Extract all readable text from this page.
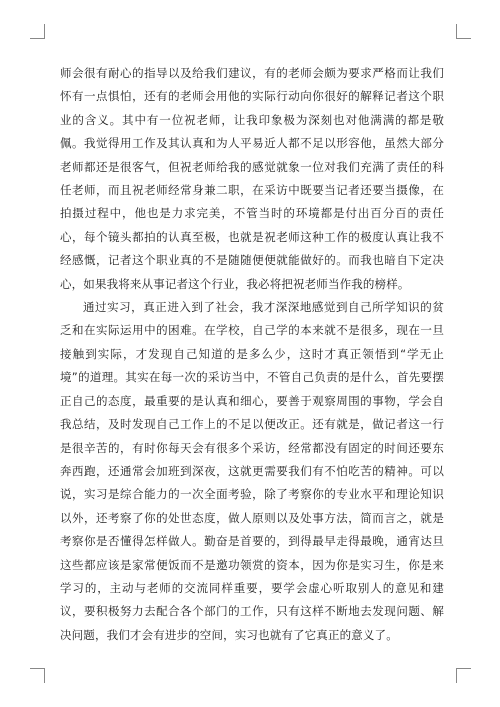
师会很有耐心的指导以及给我们建议，有的老师会颇为要求严格而让我们怀有一点惧怕，还有的老师会用他的实际行动向你很好的解释记者这个职业的含义。其中有一位祝老师，让我印象极为深刻也对他满满的都是敬佩。我觉得用工作及其认真和为人平易近人都不足以形容他，虽然大部分老师都还是很客气，但祝老师给我的感觉就象一位对我们充满了责任的科任老师，而且祝老师经常身兼二职，在采访中既要当记者还要当摄像，在拍摄过程中，他也是力求完美，不管当时的环境都是付出百分百的责任心，每个镜头都拍的认真至极，也就是祝老师这种工作的极度认真让我不经感慨，记者这个职业真的不是随随便便就能做好的。而我也暗自下定决心，如果我将来从事记者这个行业，我必将把祝老师当作我的榜样。

通过实习，真正进入到了社会，我才深深地感觉到自己所学知识的贫乏和在实际运用中的困难。在学校，自己学的本来就不是很多，现在一旦接触到实际，才发现自己知道的是多么少，这时才真正领悟到“学无止境”的道理。其实在每一次的采访当中，不管自己负责的是什么，首先要摆正自己的态度，最重要的是认真和细心，要善于观察周围的事物，学会自我总结，及时发现自己工作上的不足以便改正。还有就是，做记者这一行是很辛苦的，有时你每天会有很多个采访，经常都没有固定的时间还要东奔西跑，还通常会加班到深夜，这就更需要我们有不怕吃苦的精神。可以说，实习是综合能力的一次全面考验，除了考察你的专业水平和理论知识以外，还考察了你的处世态度，做人原则以及处事方法，简而言之，就是考察你是否懂得怎样做人。勤奋是首要的，到得最早走得最晚，通宵达旦这些都应该是家常便饭而不是邀功领赏的资本，因为你是实习生，你是来学习的，主动与老师的交流同样重要，要学会虚心听取别人的意见和建议，要积极努力去配合各个部门的工作，只有这样不断地去发现问题、解决问题，我们才会有进步的空间，实习也就有了它真正的意义了。
